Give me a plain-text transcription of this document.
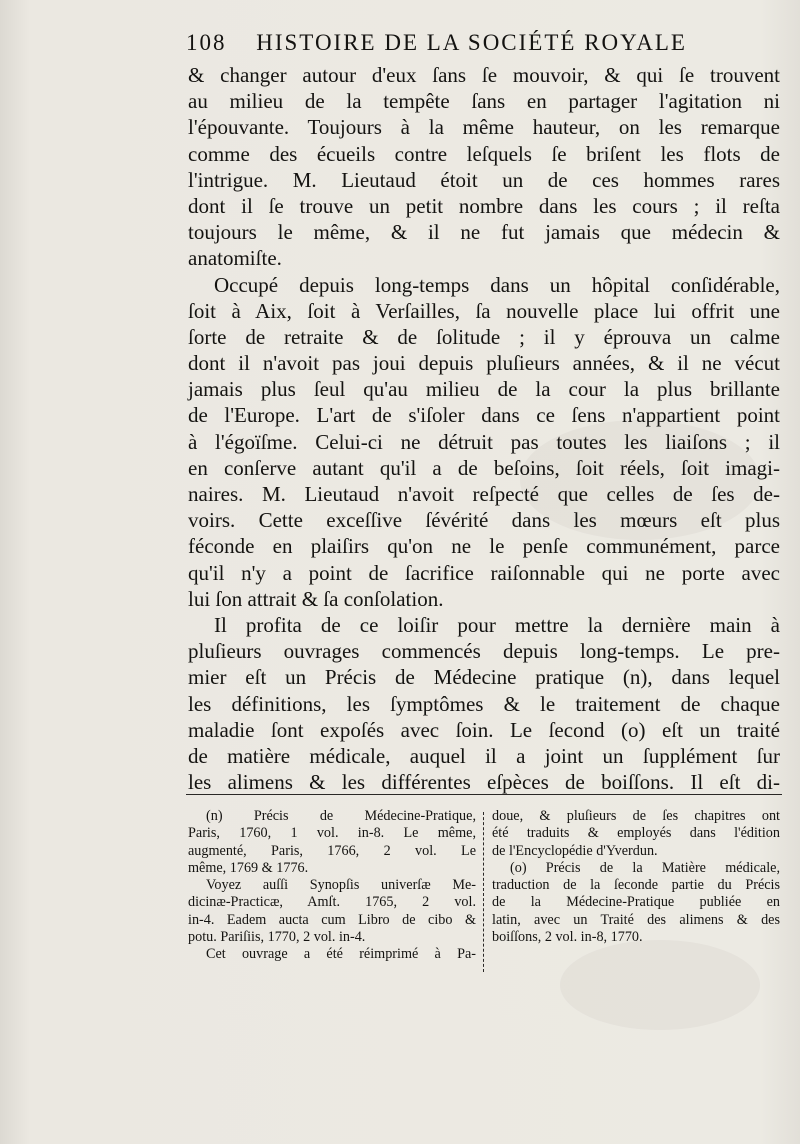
108 HISTOIRE DE LA SOCIÉTÉ ROYALE
& changer autour d'eux ſans ſe mouvoir, & qui ſe trouvent
au milieu de la tempête ſans en partager l'agitation ni
l'épouvante. Toujours à la même hauteur, on les remarque
comme des écueils contre leſquels ſe briſent les flots de
l'intrigue. M. Lieutaud étoit un de ces hommes rares
dont il ſe trouve un petit nombre dans les cours ; il reſta
toujours le même, & il ne fut jamais que médecin &
anatomiſte.
Occupé depuis long-temps dans un hôpital conſidérable,
ſoit à Aix, ſoit à Verſailles, ſa nouvelle place lui offrit une
ſorte de retraite & de ſolitude ; il y éprouva un calme
dont il n'avoit pas joui depuis pluſieurs années, & il ne vécut
jamais plus ſeul qu'au milieu de la cour la plus brillante
de l'Europe. L'art de s'iſoler dans ce ſens n'appartient point
à l'égoïſme. Celui-ci ne détruit pas toutes les liaiſons ; il
en conſerve autant qu'il a de beſoins, ſoit réels, ſoit imagi-
naires. M. Lieutaud n'avoit reſpecté que celles de ſes de-
voirs. Cette exceſſive ſévérité dans les mœurs eſt plus
féconde en plaiſirs qu'on ne le penſe communément, parce
qu'il n'y a point de ſacrifice raiſonnable qui ne porte avec
lui ſon attrait & ſa conſolation.
Il profita de ce loiſir pour mettre la dernière main à
pluſieurs ouvrages commencés depuis long-temps. Le pre-
mier eſt un Précis de Médecine pratique (n), dans lequel
les définitions, les ſymptômes & le traitement de chaque
maladie ſont expoſés avec ſoin. Le ſecond (o) eſt un traité
de matière médicale, auquel il a joint un ſupplément ſur
les alimens & les différentes eſpèces de boiſſons. Il eſt di-
(n) Précis de Médecine-Pratique,
Paris, 1760, 1 vol. in-8. Le même,
augmenté, Paris, 1766, 2 vol. Le
même, 1769 & 1776.
Voyez auſſi Synopſis univerſæ Me-
dicinæ-Practicæ, Amſt. 1765, 2 vol.
in-4. Eadem aucta cum Libro de cibo &
potu. Pariſiis, 1770, 2 vol. in-4.
Cet ouvrage a été réimprimé à Pa-
doue, & pluſieurs de ſes chapitres ont
été traduits & employés dans l'édition
de l'Encyclopédie d'Yverdun.
(o) Précis de la Matière médicale,
traduction de la ſeconde partie du Précis
de la Médecine-Pratique publiée en
latin, avec un Traité des alimens & des
boiſſons, 2 vol. in-8, 1770.
